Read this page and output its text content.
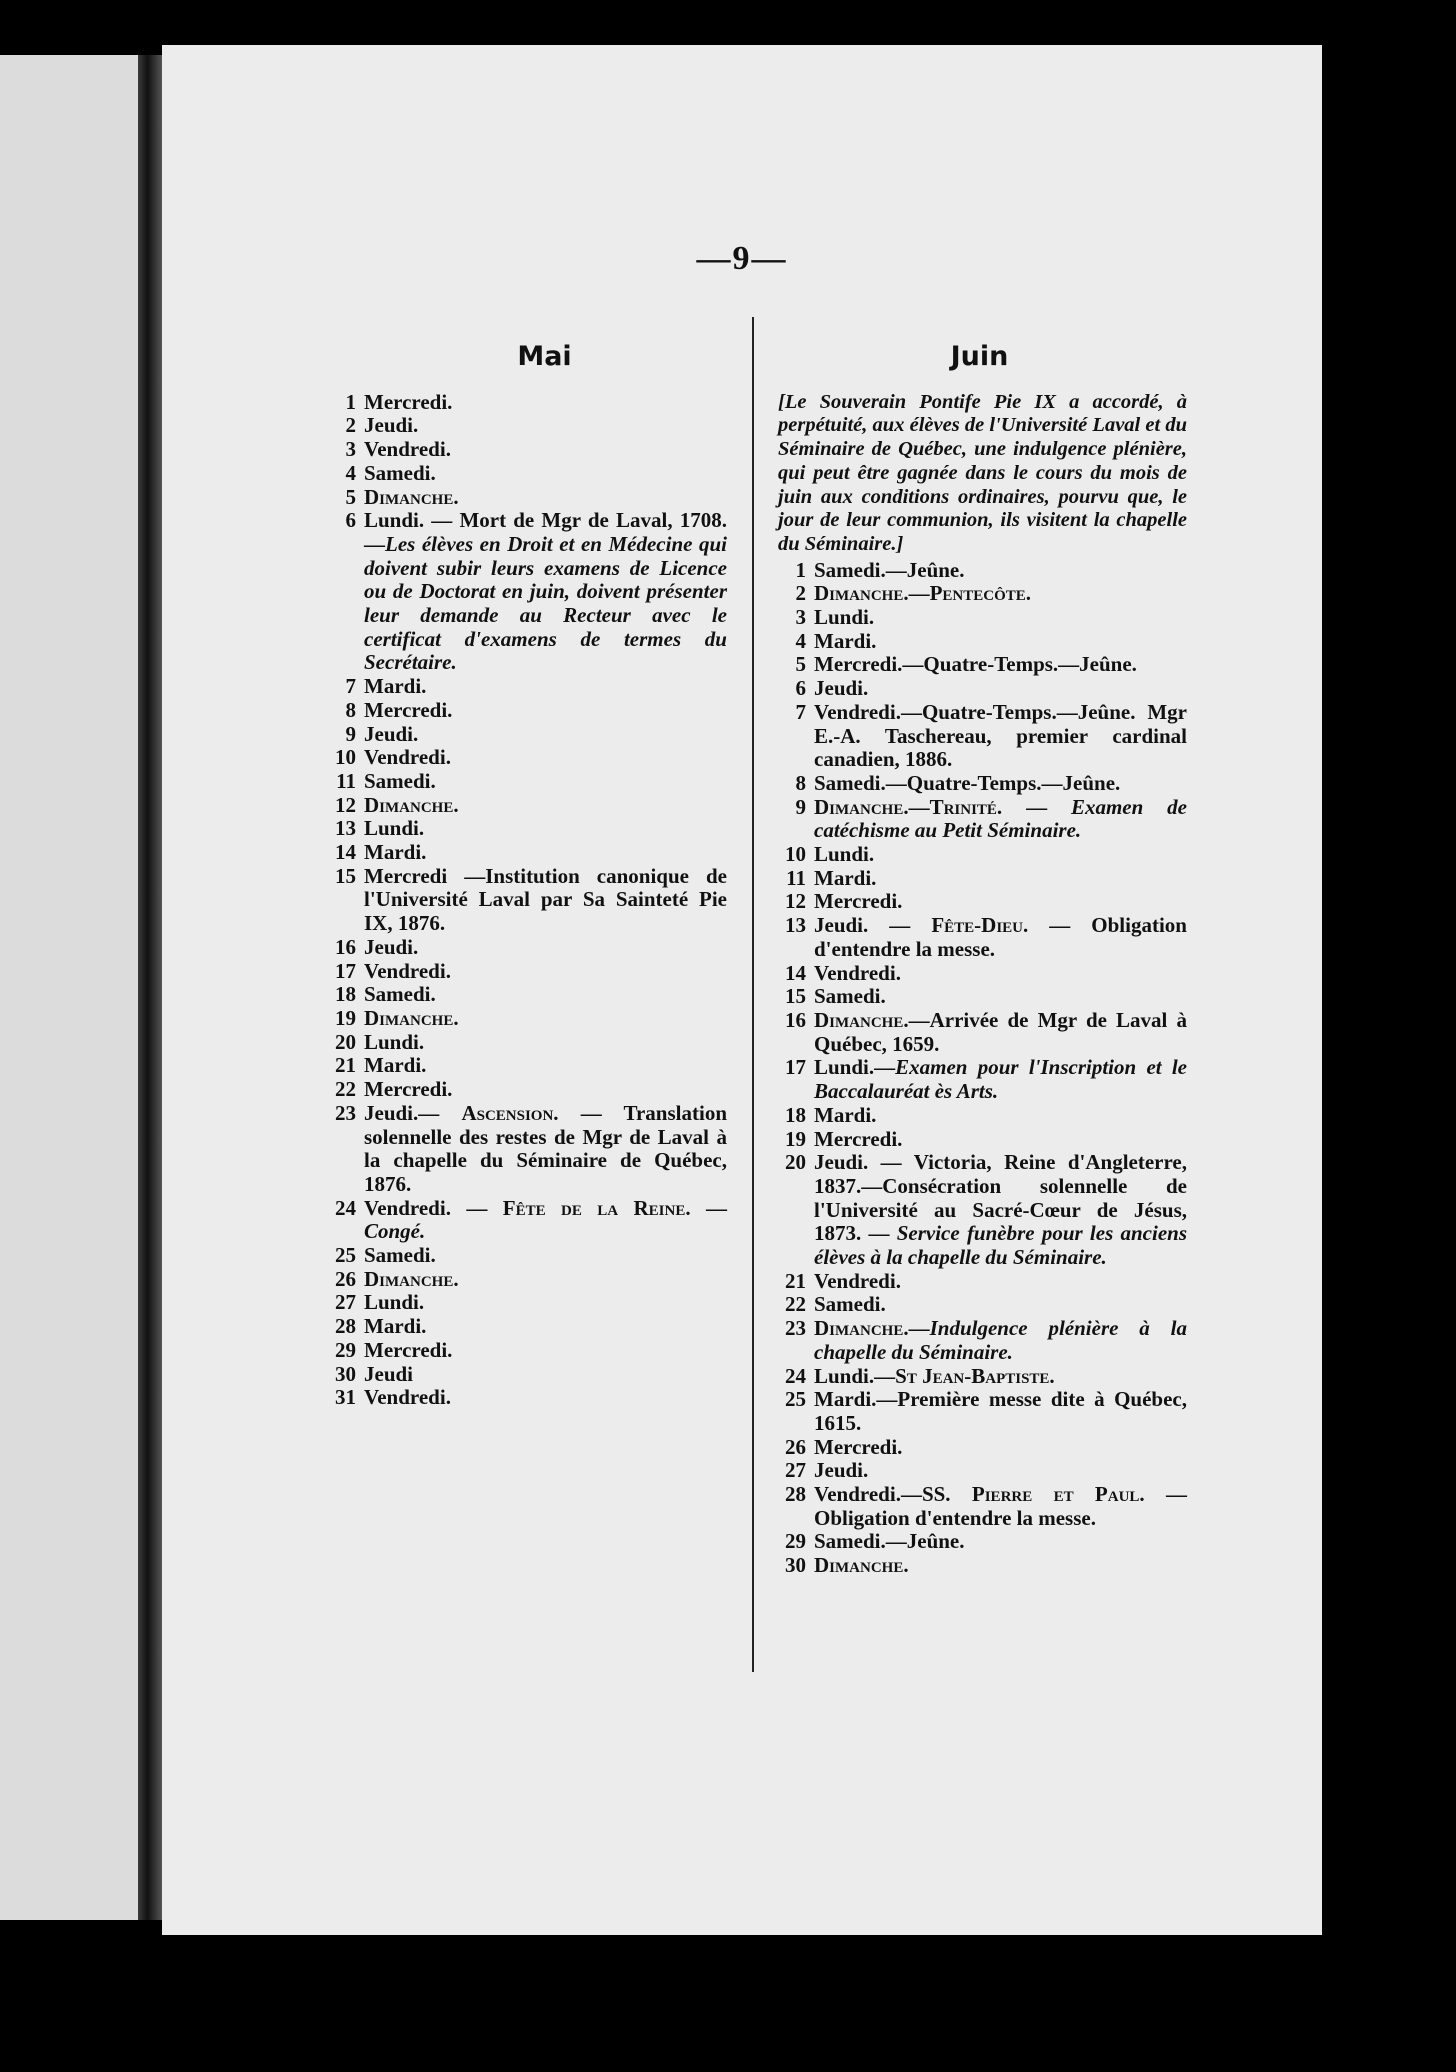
—9—
Mai
1 Mercredi.
2 Jeudi.
3 Vendredi.
4 Samedi.
5 Dimanche.
6 Lundi. — Mort de Mgr de Laval, 1708.—Les élèves en Droit et en Médecine qui doivent subir leurs examens de Licence ou de Doctorat en juin, doivent présenter leur demande au Recteur avec le certificat d'examens de termes du Secrétaire.
7 Mardi.
8 Mercredi.
9 Jeudi.
10 Vendredi.
11 Samedi.
12 Dimanche.
13 Lundi.
14 Mardi.
15 Mercredi —Institution canonique de l'Université Laval par Sa Sainteté Pie IX, 1876.
16 Jeudi.
17 Vendredi.
18 Samedi.
19 Dimanche.
20 Lundi.
21 Mardi.
22 Mercredi.
23 Jeudi.— Ascension. — Translation solennelle des restes de Mgr de Laval à la chapelle du Séminaire de Québec, 1876.
24 Vendredi. — Fête de la Reine. — Congé.
25 Samedi.
26 Dimanche.
27 Lundi.
28 Mardi.
29 Mercredi.
30 Jeudi
31 Vendredi.
Juin
[Le Souverain Pontife Pie IX a accordé, à perpétuité, aux élèves de l'Université Laval et du Séminaire de Québec, une indulgence plénière, qui peut être gagnée dans le cours du mois de juin aux conditions ordinaires, pourvu que, le jour de leur communion, ils visitent la chapelle du Séminaire.]
1 Samedi.—Jeûne.
2 Dimanche.—Pentecôte.
3 Lundi.
4 Mardi.
5 Mercredi.—Quatre-Temps.—Jeûne.
6 Jeudi.
7 Vendredi.—Quatre-Temps.—Jeûne. Mgr E.-A. Taschereau, premier cardinal canadien, 1886.
8 Samedi.—Quatre-Temps.—Jeûne.
9 Dimanche.—Trinité. — Examen de catéchisme au Petit Séminaire.
10 Lundi.
11 Mardi.
12 Mercredi.
13 Jeudi. — Fête-Dieu. — Obligation d'entendre la messe.
14 Vendredi.
15 Samedi.
16 Dimanche.—Arrivée de Mgr de Laval à Québec, 1659.
17 Lundi.—Examen pour l'Inscription et le Baccalauréat ès Arts.
18 Mardi.
19 Mercredi.
20 Jeudi. — Victoria, Reine d'Angleterre, 1837.—Consécration solennelle de l'Université au Sacré-Cœur de Jésus, 1873. — Service funèbre pour les anciens élèves à la chapelle du Séminaire.
21 Vendredi.
22 Samedi.
23 Dimanche.—Indulgence plénière à la chapelle du Séminaire.
24 Lundi.—St Jean-Baptiste.
25 Mardi.—Première messe dite à Québec, 1615.
26 Mercredi.
27 Jeudi.
28 Vendredi.—SS. Pierre et Paul. — Obligation d'entendre la messe.
29 Samedi.—Jeûne.
30 Dimanche.
